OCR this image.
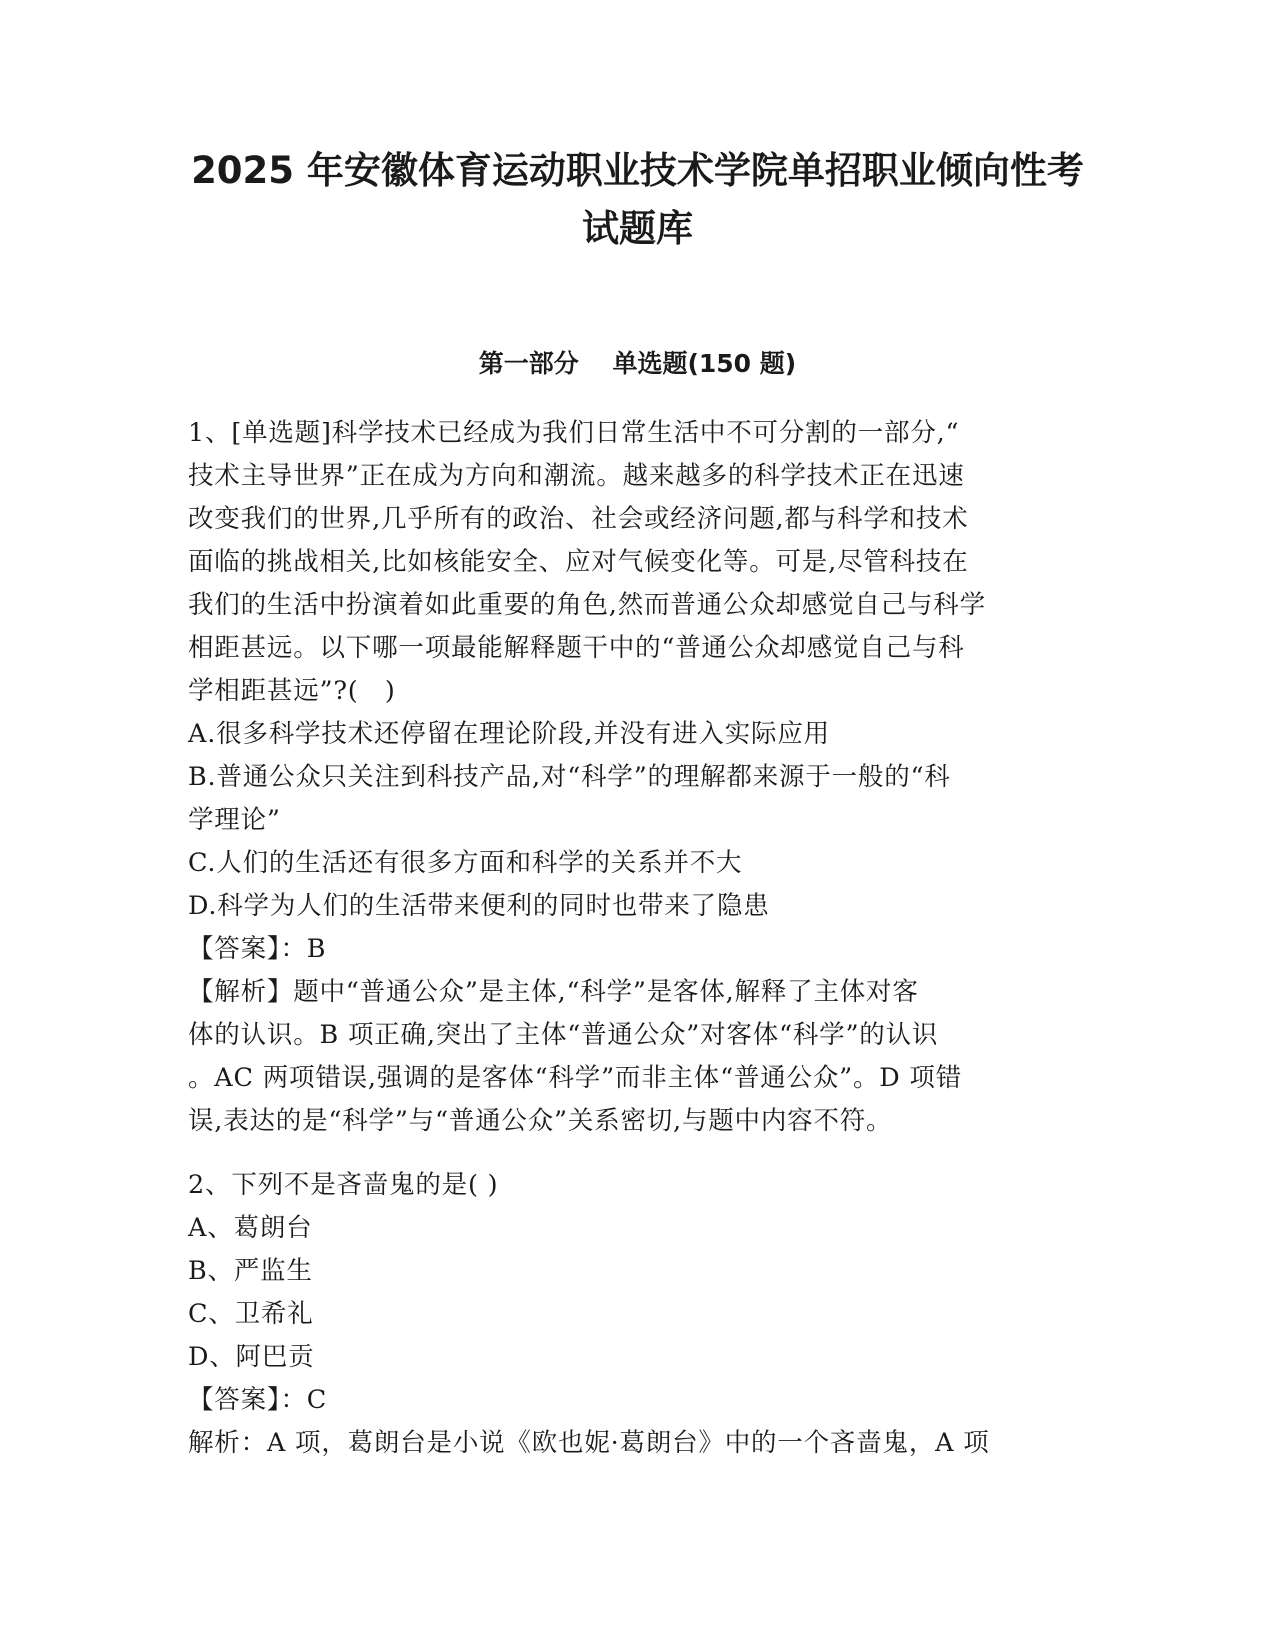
2025 年安徽体育运动职业技术学院单招职业倾向性考
试题库
第一部分　 单选题(150 题)
1、[单选题]科学技术已经成为我们日常生活中不可分割的一部分,“
技术主导世界”正在成为方向和潮流。越来越多的科学技术正在迅速
改变我们的世界,几乎所有的政治、社会或经济问题,都与科学和技术
面临的挑战相关,比如核能安全、应对气候变化等。可是,尽管科技在
我们的生活中扮演着如此重要的角色,然而普通公众却感觉自己与科学
相距甚远。以下哪一项最能解释题干中的“普通公众却感觉自己与科
学相距甚远”?(　)
A.很多科学技术还停留在理论阶段,并没有进入实际应用
B.普通公众只关注到科技产品,对“科学”的理解都来源于一般的“科
学理论”
C.人们的生活还有很多方面和科学的关系并不大
D.科学为人们的生活带来便利的同时也带来了隐患
【答案】：B
【解析】题中“普通公众”是主体,“科学”是客体,解释了主体对客
体的认识。B 项正确,突出了主体“普通公众”对客体“科学”的认识
。AC 两项错误,强调的是客体“科学”而非主体“普通公众”。D 项错
误,表达的是“科学”与“普通公众”关系密切,与题中内容不符。
2、下列不是吝啬鬼的是( )
A、葛朗台
B、严监生
C、卫希礼
D、阿巴贡
【答案】：C
解析：A 项，葛朗台是小说《欧也妮·葛朗台》中的一个吝啬鬼，A 项
